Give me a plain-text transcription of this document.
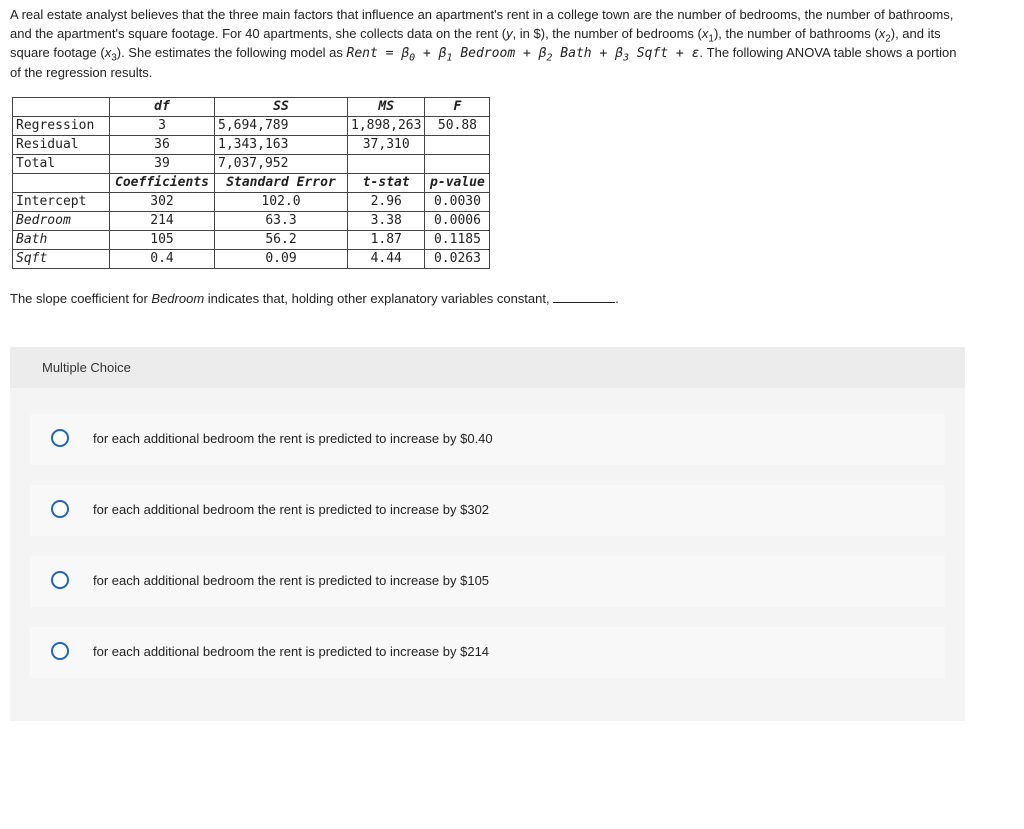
A real estate analyst believes that the three main factors that influence an apartment's rent in a college town are the number of bedrooms, the number of bathrooms, and the apartment's square footage. For 40 apartments, she collects data on the rent (y, in $), the number of bedrooms $(x_1)$, the number of bathrooms $(x_2)$, and its square footage $(x_3)$. She estimates the following model as Rent = $\beta_0 + \beta_1$ Bedroom + $\beta_2$ Bath + $\beta_3$ Sqft + ε. The following ANOVA table shows a portion of the regression results.
	df	SS	MS	F
Regression	3	5,694,789	1,898,263	50.88
Residual	36	1,343,163	37,310	
Total	39	7,037,952		
	Coefficients	Standard Error	t-stat	p-value
Intercept	302	102.0	2.96	0.0030
Bedroom	214	63.3	3.38	0.0006
Bath	105	56.2	1.87	0.1185
Sqft	0.4	0.09	4.44	0.0263
The slope coefficient for Bedroom indicates that, holding other explanatory variables constant,	.
Multiple Choice
for each additional bedroom the rent is predicted to increase by $0.40
for each additional bedroom the rent is predicted to increase by $302
for each additional bedroom the rent is predicted to increase by $105
for each additional bedroom the rent is predicted to increase by $214
